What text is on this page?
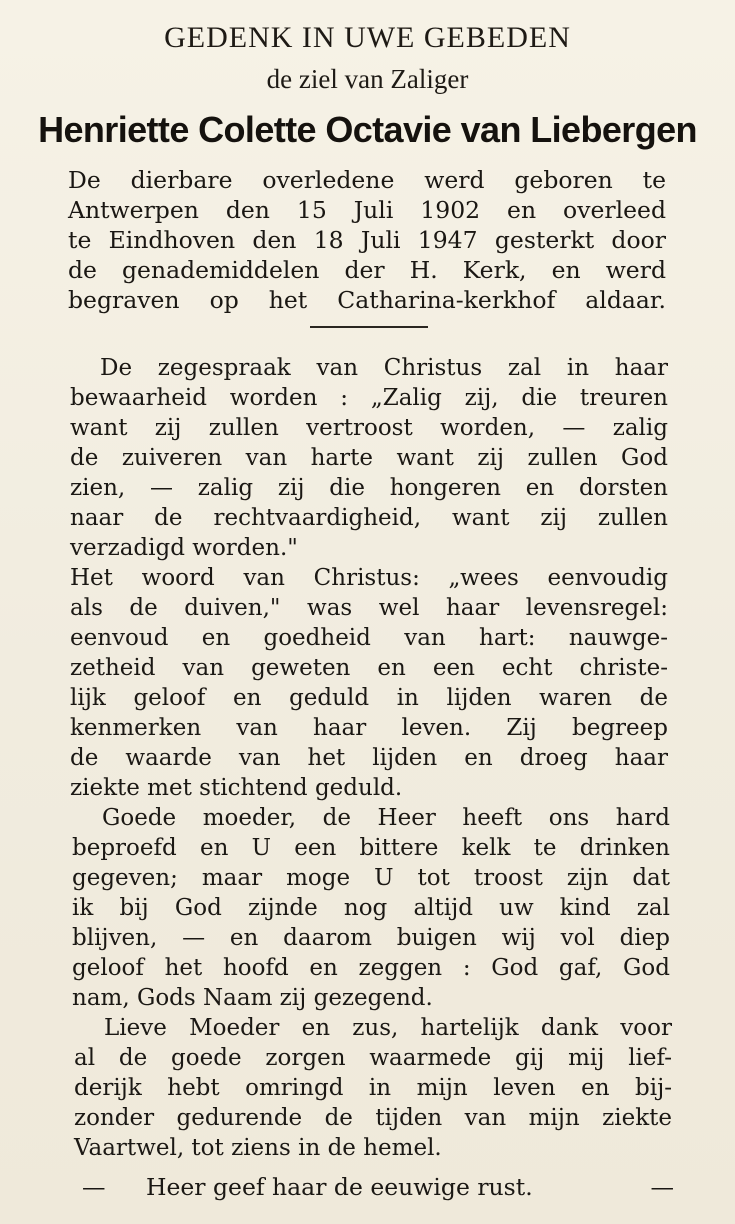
GEDENK IN UWE GEBEDEN
de ziel van Zaliger
Henriette Colette Octavie van Liebergen
De dierbare overledene werd geboren te
Antwerpen den 15 Juli 1902 en overleed
te Eindhoven den 18 Juli 1947 gesterkt door
de genademiddelen der H. Kerk, en werd
begraven op het Catharina-kerkhof aldaar.
De zegespraak van Christus zal in haar
bewaarheid worden : „Zalig zij, die treuren
want zij zullen vertroost worden, — zalig
de zuiveren van harte want zij zullen God
zien, — zalig zij die hongeren en dorsten
naar de rechtvaardigheid, want zij zullen
verzadigd worden."
Het woord van Christus: „wees eenvoudig
als de duiven," was wel haar levensregel:
eenvoud en goedheid van hart: nauwge-
zetheid van geweten en een echt christe-
lijk geloof en geduld in lijden waren de
kenmerken van haar leven. Zij begreep
de waarde van het lijden en droeg haar
ziekte met stichtend geduld.
Goede moeder, de Heer heeft ons hard
beproefd en U een bittere kelk te drinken
gegeven; maar moge U tot troost zijn dat
ik bij God zijnde nog altijd uw kind zal
blijven, — en daarom buigen wij vol diep
geloof het hoofd en zeggen : God gaf, God
nam, Gods Naam zij gezegend.
Lieve Moeder en zus, hartelijk dank voor
al de goede zorgen waarmede gij mij lief-
derijk hebt omringd in mijn leven en bij-
zonder gedurende de tijden van mijn ziekte
Vaartwel, tot ziens in de hemel.
— Heer geef haar de eeuwige rust.	—
